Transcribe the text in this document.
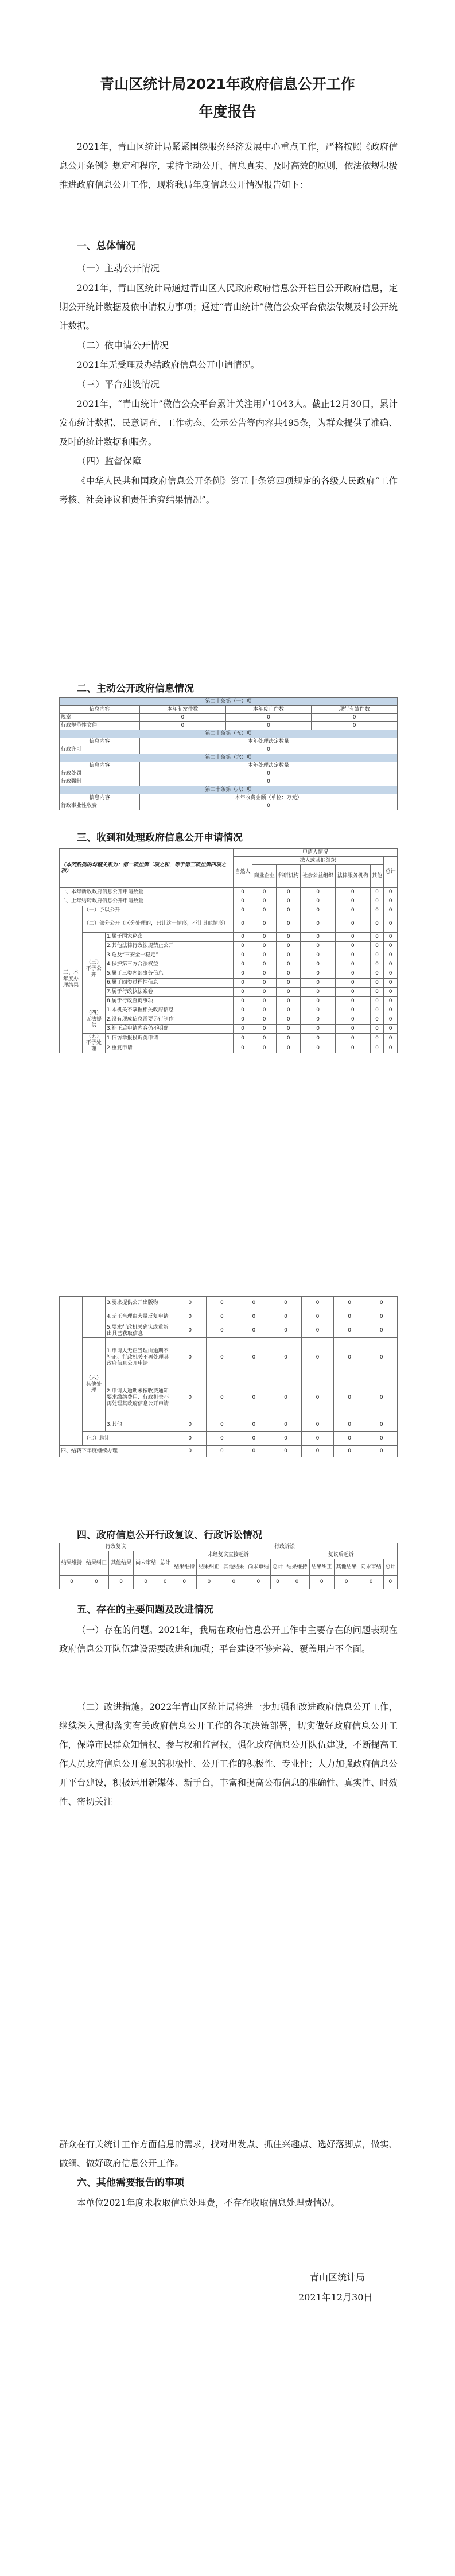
青山区统计局2021年政府信息公开工作
年度报告
2021年，青山区统计局紧紧围绕服务经济发展中心重点工作，严格按照《政府信息公开条例》规定和程序，秉持主动公开、信息真实、及时高效的原则，依法依规积极推进政府信息公开工作，现将我局年度信息公开情况报告如下：
一、总体情况
（一）主动公开情况
2021年，青山区统计局通过青山区人民政府政府信息公开栏目公开政府信息，定期公开统计数据及依申请权力事项；通过“青山统计”微信公众平台依法依规及时公开统计数据。
（二）依申请公开情况
2021年无受理及办结政府信息公开申请情况。
（三）平台建设情况
2021年，“青山统计”微信公众平台累计关注用户1043人。截止12月30日，累计发布统计数据、民意调查、工作动态、公示公告等内容共495条，为群众提供了准确、及时的统计数据和服务。
（四）监督保障
《中华人民共和国政府信息公开条例》第五十条第四项规定的各级人民政府“工作考核、社会评议和责任追究结果情况”。
二、主动公开政府信息情况
第二十条第（一）项			
信息内容	本年制发件数	本年废止件数	现行有效件数
规章	0	0	0
行政规范性文件	0	0	0
第二十条第（五）项			
信息内容	本年处理决定数量		
行政许可	0		
第二十条第（六）项			
信息内容	本年处理决定数量		
行政处罚	0		
行政强制	0		
第二十条第（八）项			
信息内容	本年收费金额（单位：万元）		
行政事业性收费	0		
三、收到和处理政府信息公开申请情况
（本列数据的勾稽关系为：第一项加第二项之和，等于第三项加第四项之和）			申请人情况						
			自然人	法人或其他组织					总计
				商业企业	科研机构	社会公益组织	法律服务机构	其他	
一、本年新收政府信息公开申请数量			0	0	0	0	0	0	0
二、上年结转政府信息公开申请数量			0	0	0	0	0	0	0
三、本年度办理结果	（一）予以公开		0	0	0	0	0	0	0
	（二）部分公开（区分处理的，只计这一情形，不计其他情形）		0	0	0	0	0	0	0
	（三）不予公开	1.属于国家秘密	0	0	0	0	0	0	0
		2.其他法律行政法规禁止公开	0	0	0	0	0	0	0
		3.危及“三安全一稳定”	0	0	0	0	0	0	0
		4.保护第三方合法权益	0	0	0	0	0	0	0
		5.属于三类内部事务信息	0	0	0	0	0	0	0
		6.属于四类过程性信息	0	0	0	0	0	0	0
		7.属于行政执法案卷	0	0	0	0	0	0	0
		8.属于行政查询事项	0	0	0	0	0	0	0
	（四）无法提供	1.本机关不掌握相关政府信息	0	0	0	0	0	0	0
		2.没有现成信息需要另行制作	0	0	0	0	0	0	0
		3.补正后申请内容仍不明确	0	0	0	0	0	0	0
	（五）不予处理	1.信访举报投诉类申请	0	0	0	0	0	0	0
		2.重复申请	0	0	0	0	0	0	0
		3.要求提供公开出版物	0	0	0	0	0	0	0
		4.无正当理由大量反复申请	0	0	0	0	0	0	0
		5.要求行政机关确认或重新出具已获取信息	0	0	0	0	0	0	0
	（六）其他处理	1.申请人无正当理由逾期不补正、行政机关不再处理其政府信息公开申请	0	0	0	0	0	0	0
		2.申请人逾期未按收费通知要求缴纳费用、行政机关不再处理其政府信息公开申请	0	0	0	0	0	0	0
		3.其他	0	0	0	0	0	0	0
	（七）总计		0	0	0	0	0	0	0
四、结转下年度继续办理			0	0	0	0	0	0	0
四、政府信息公开行政复议、行政诉讼情况
行政复议					行政诉讼									
结果维持	结果纠正	其他结果	尚未审结	总计	未经复议直接起诉					复议后起诉				
					结果维持	结果纠正	其他结果	尚未审结	总计	结果维持	结果纠正	其他结果	尚未审结	总计
0	0	0	0	0	0	0	0	0	0	0	0	0	0	0
五、存在的主要问题及改进情况
（一）存在的问题。2021年，我局在政府信息公开工作中主要存在的问题表现在政府信息公开队伍建设需要改进和加强；平台建设不够完善、覆盖用户不全面。
（二）改进措施。2022年青山区统计局将进一步加强和改进政府信息公开工作，继续深入贯彻落实有关政府信息公开工作的各项决策部署，切实做好政府信息公开工作，保障市民群众知情权、参与权和监督权，强化政府信息公开队伍建设，不断提高工作人员政府信息公开意识的积极性、公开工作的积极性、专业性；大力加强政府信息公开平台建设，积极运用新媒体、新手台，丰富和提高公布信息的准确性、真实性、时效性、密切关注
群众在有关统计工作方面信息的需求，找对出发点、抓住兴趣点、选好落脚点，做实、做细、做好政府信息公开工作。
六、其他需要报告的事项
本单位2021年度未收取信息处理费，不存在收取信息处理费情况。
青山区统计局
2021年12月30日
